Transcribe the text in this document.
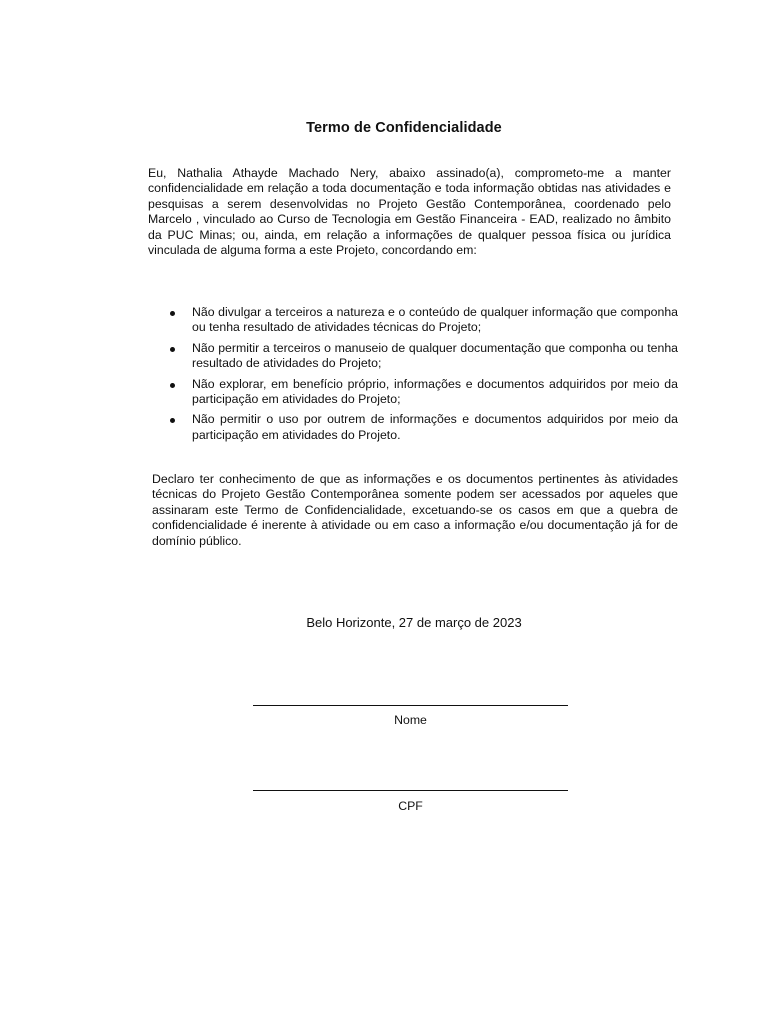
Termo de Confidencialidade

Eu, Nathalia Athayde Machado Nery, abaixo assinado(a), comprometo-me a manter confidencialidade em relação a toda documentação e toda informação obtidas nas atividades e pesquisas a serem desenvolvidas no Projeto Gestão Contemporânea, coordenado pelo Marcelo , vinculado ao Curso de Tecnologia em Gestão Financeira - EAD, realizado no âmbito da PUC Minas; ou, ainda, em relação a informações de qualquer pessoa física ou jurídica vinculada de alguma forma a este Projeto, concordando em:

Não divulgar a terceiros a natureza e o conteúdo de qualquer informação que componha ou tenha resultado de atividades técnicas do Projeto;
Não permitir a terceiros o manuseio de qualquer documentação que componha ou tenha resultado de atividades do Projeto;
Não explorar, em benefício próprio, informações e documentos adquiridos por meio da participação em atividades do Projeto;
Não permitir o uso por outrem de informações e documentos adquiridos por meio da participação em atividades do Projeto.

Declaro ter conhecimento de que as informações e os documentos pertinentes às atividades técnicas do Projeto Gestão Contemporânea somente podem ser acessados por aqueles que assinaram este Termo de Confidencialidade, excetuando-se os casos em que a quebra de confidencialidade é inerente à atividade ou em caso a informação e/ou documentação já for de domínio público.

Belo Horizonte, 27 de março de 2023
Nome
CPF
